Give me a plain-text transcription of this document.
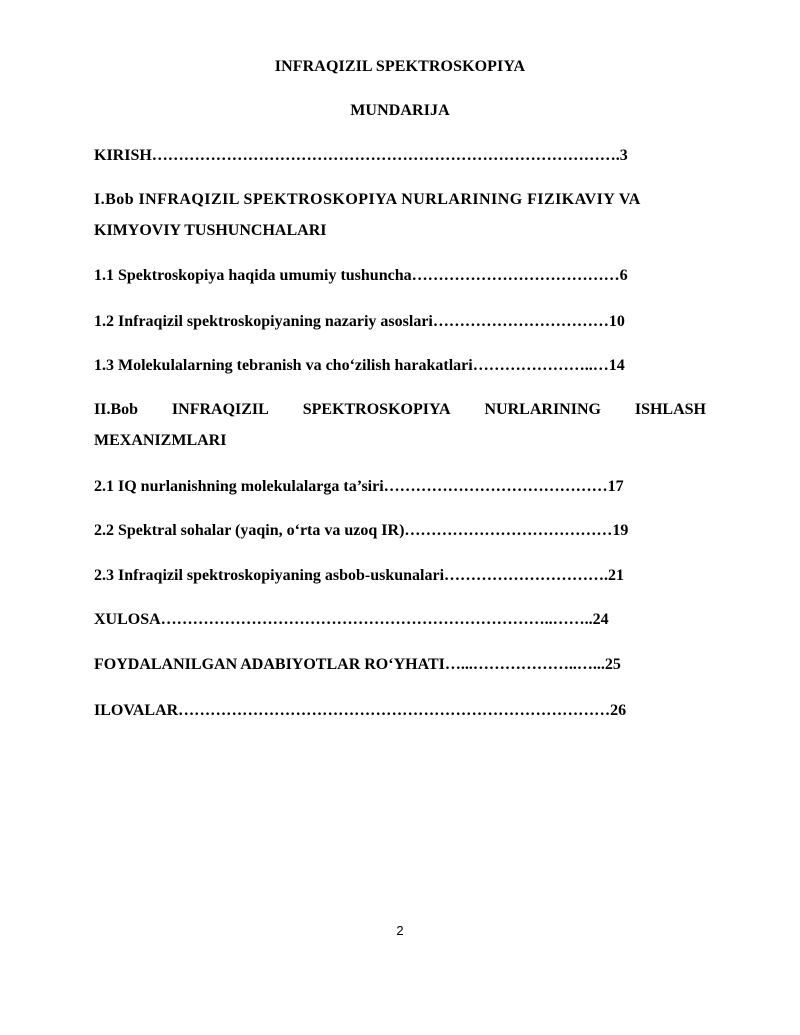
INFRAQIZIL SPEKTROSKOPIYA
MUNDARIJA
KIRISH…………………………………………………………………………….3
I.Bob INFRAQIZIL SPEKTROSKOPIYA NURLARINING FIZIKAVIY VA
KIMYOVIY TUSHUNCHALARI
1.1 Spektroskopiya haqida umumiy tushuncha…………………………………6
1.2 Infraqizil spektroskopiyaning nazariy asoslari……………………………10
1.3 Molekulalarning tebranish va cho‘zilish harakatlari…………………..…14
II.Bob INFRAQIZIL SPEKTROSKOPIYA NURLARINING ISHLASH
MEXANIZMLARI
2.1 IQ nurlanishning molekulalarga ta’siri……………………………………17
2.2 Spektral sohalar (yaqin, o‘rta va uzoq IR)…………………………………19
2.3 Infraqizil spektroskopiyaning asbob-uskunalari………………………….21
XULOSA………………………………………………………………..……..24
FOYDALANILGAN ADABIYOTLAR RO‘YHATI…...………………..…...25
ILOVALAR………………………………………………………………………26
2
